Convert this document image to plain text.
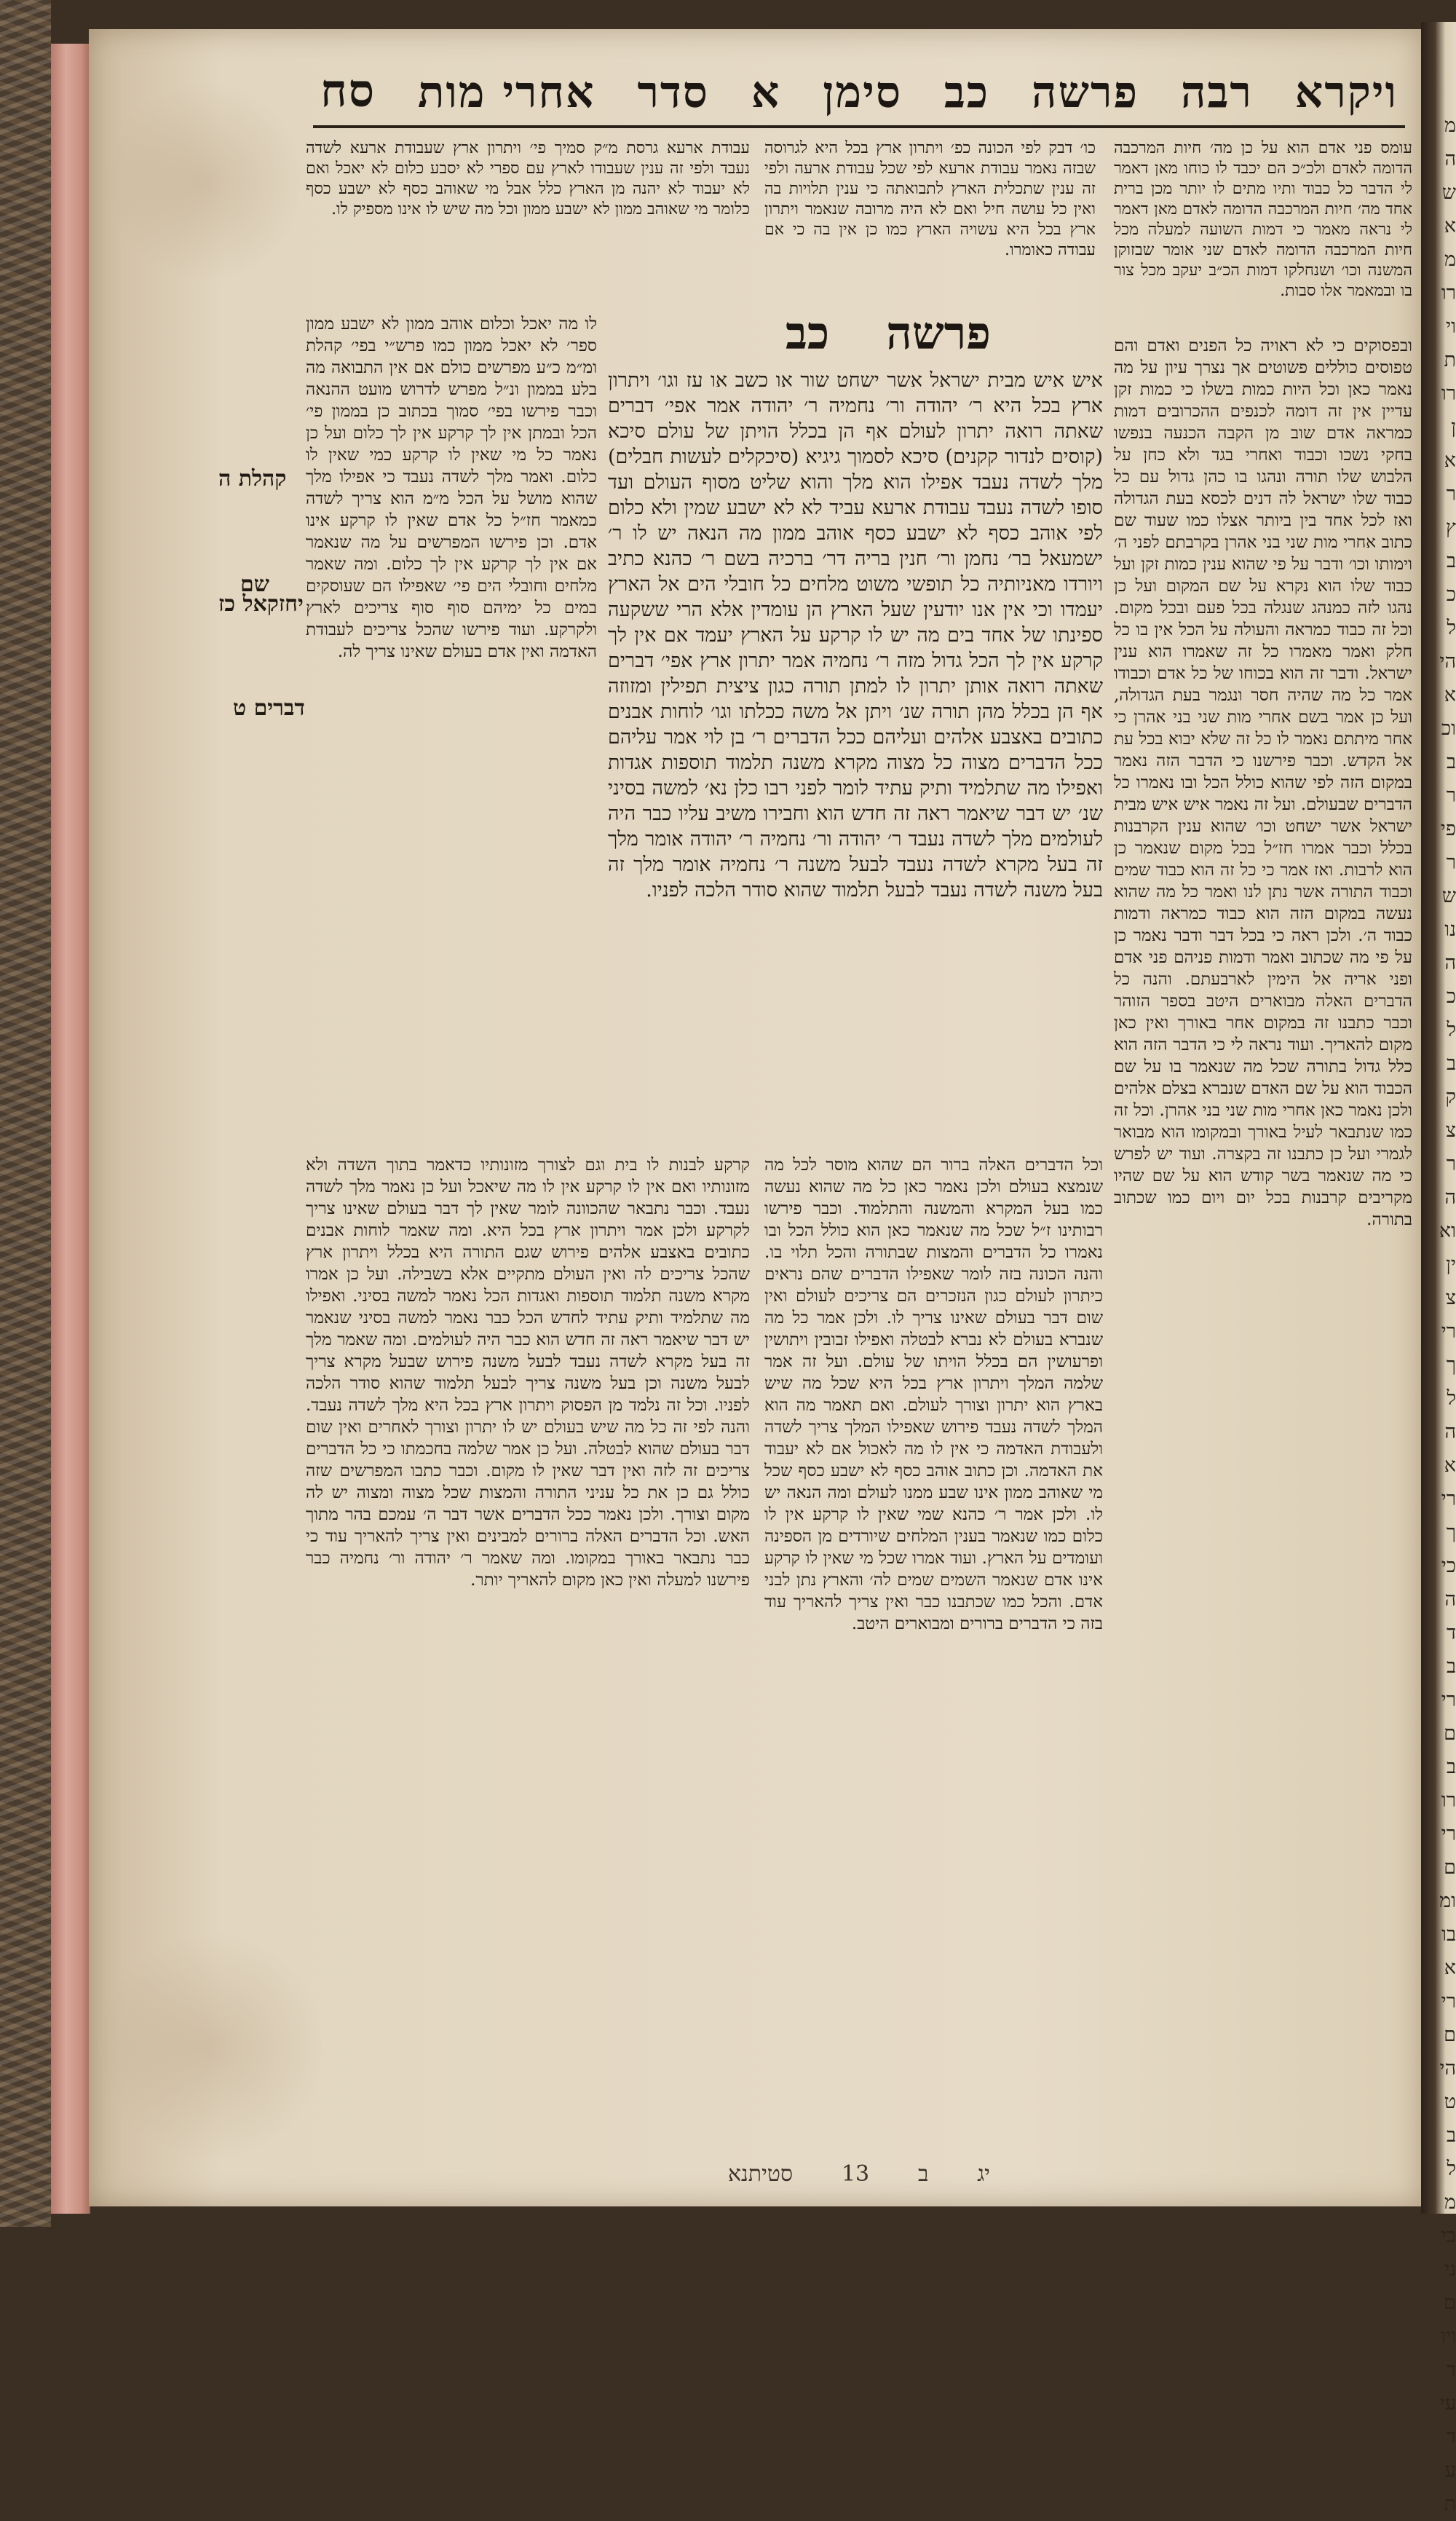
מה שאמרו ויתרון ארץ בכל היא וכבר פירשנו הכל בקצרה ואין צריך להאריך כי הדברים ברורים ומבוארים היטב למבינים ויודעי דעת
ויקרא
רבה
פרשה
כב
סימן
א
סדר
אחרי מות
סח

עומס פני אדם הוא על כן מה׳ חיות המרכבה הדומה לאדם ולכ״כ הם יכבד לו כוחו מאן דאמר לי הדבר כל כבוד ותיו מתים לו יותר מכן ברית אחד מה׳ חיות המרכבה הדומה לאדם מאן דאמר לי נראה מאמר כי דמות השועה למעלה מכל חיות המרכבה הדומה לאדם שני אומר שבזוקן המשנה וכו׳ ושנחלקו דמות הכ״ב יעקב מכל צור בו ובמאמר אלו סבות.

ובפסוקים כי לא ראויה כל הפנים ואדם והם טפוסים כוללים פשוטים אך נצרך עיון על מה נאמר כאן וכל היות כמות בשלו כי כמות זקן עדיין אין זה דומה לכנפים ההכרובים דמות כמראה אדם שוב מן הקבה הכנעה בנפשו בחקי נשכו וכבוד ואחרי בגד ולא כחן על הלבוש שלו תורה ונהגו בו כהן גדול עם כל כבוד שלו ישראל לה דנים לכסא בעת הגדולה ואז לכל אחד בין ביותר אצלו כמו שעוד שם כתוב אחרי מות שני בני אהרן בקרבתם לפני ה׳ וימותו וכו׳ ודבר על פי שהוא ענין כמות זקן ועל כבוד שלו הוא נקרא על שם המקום ועל כן נהגו לזה כמנהג שנגלה בכל פעם ובכל מקום. וכל זה כבוד כמראה והעולה על הכל אין בו כל חלק ואמר מאמרו כל זה שאמרו הוא ענין ישראל. ודבר זה הוא בכוחו של כל אדם וכבודו אמר כל מה שהיה חסר ונגמר בעת הגדולה, ועל כן אמר בשם אחרי מות שני בני אהרן כי אחר מיתתם נאמר לו כל זה שלא יבוא בכל עת אל הקדש. וכבר פירשנו כי הדבר הזה נאמר במקום הזה לפי שהוא כולל הכל ובו נאמרו כל הדברים שבעולם. ועל זה נאמר איש איש מבית ישראל אשר ישחט וכו׳ שהוא ענין הקרבנות בכלל וכבר אמרו חז״ל בכל מקום שנאמר כן הוא לרבות. ואז אמר כי כל זה הוא כבוד שמים וכבוד התורה אשר נתן לנו ואמר כל מה שהוא נעשה במקום הזה הוא כבוד כמראה ודמות כבוד ה׳. ולכן ראה כי בכל דבר ודבר נאמר כן על פי מה שכתוב ואמר ודמות פניהם פני אדם ופני אריה אל הימין לארבעתם. והנה כל הדברים האלה מבוארים היטב בספר הזוהר וכבר כתבנו זה במקום אחר באורך ואין כאן מקום להאריך. ועוד נראה לי כי הדבר הזה הוא כלל גדול בתורה שכל מה שנאמר בו על שם הכבוד הוא על שם האדם שנברא בצלם אלהים ולכן נאמר כאן אחרי מות שני בני אהרן. וכל זה כמו שנתבאר לעיל באורך ובמקומו הוא מבואר לגמרי ועל כן כתבנו זה בקצרה. ועוד יש לפרש כי מה שנאמר בשר קודש הוא על שם שהיו מקריבים קרבנות בכל יום ויום כמו שכתוב בתורה.

כו׳ דבק לפי הכונה כפ׳ ויתרון ארץ בכל היא לגרוסה שבזה נאמר עבודת ארעא לפי שכל עבודת ארעה ולפי זה ענין שתכלית הארץ לתבואתה כי ענין תלויות בה ואין כל עושה חיל ואם לא היה מרובה שנאמר ויתרון ארץ בכל היא עשויה הארץ כמו כן אין בה כי אם עבודה כאומרו.

פרשה
כב

איש איש מבית ישראל אשר ישחט שור או כשב או עז וגו׳ ויתרון ארץ בכל היא ר׳ יהודה ור׳ נחמיה ר׳ יהודה אמר אפי׳ דברים שאתה רואה יתרון לעולם אף הן בכלל הויתן של עולם סיכא (קוסים לנדור קקנים) סיכא לסמוך גיגיא (סיכקלים לעשות חבלים) מלך לשדה נעבד אפילו הוא מלך והוא שליט מסוף העולם ועד סופו לשדה נעבד עבודת ארעא עביד לא לא ישבע שמין ולא כלום לפי אוהב כסף לא ישבע כסף אוהב ממון מה הנאה יש לו ר׳ ישמעאל בר׳ נחמן ור׳ חנין בריה דר׳ ברכיה בשם ר׳ כהנא כתיב ויורדו מאניותיה כל תופשי משוט מלחים כל חובלי הים אל הארץ יעמדו וכי אין אנו יודעין שעל הארץ הן עומדין אלא הרי ששקעה ספינתו של אחד בים מה יש לו קרקע על הארץ יעמד אם אין לך קרקע אין לך הכל גדול מזה ר׳ נחמיה אמר יתרון ארץ אפי׳ דברים שאתה רואה אותן יתרון לו למתן תורה כגון ציצית תפילין ומזוזה אף הן בכלל מהן תורה שנ׳ ויתן אל משה ככלתו וגו׳ לוחות אבנים כתובים באצבע אלהים ועליהם ככל הדברים ר׳ בן לוי אמר עליהם ככל הדברים מצוה כל מצוה מקרא משנה תלמוד תוספות אגדות ואפילו מה שתלמיד ותיק עתיד לומר לפני רבו כלן נא׳ למשה בסיני שנ׳ יש דבר שיאמר ראה זה חדש הוא וחבירו משיב עליו כבר היה לעולמים מלך לשדה נעבד ר׳ יהודה ור׳ נחמיה ר׳ יהודה אומר מלך זה בעל מקרא לשדה נעבד לבעל משנה ר׳ נחמיה אומר מלך זה בעל משנה לשדה נעבד לבעל תלמוד שהוא סודר הלכה לפניו.

וכל הדברים האלה ברור הם שהוא מוסר לכל מה שנמצא בעולם ולכן נאמר כאן כל מה שהוא נעשה כמו בעל המקרא והמשנה והתלמוד. וכבר פירשו רבותינו ז״ל שכל מה שנאמר כאן הוא כולל הכל ובו נאמרו כל הדברים והמצות שבתורה והכל תלוי בו. והנה הכונה בזה לומר שאפילו הדברים שהם נראים כיתרון לעולם כגון הנזכרים הם צריכים לעולם ואין שום דבר בעולם שאינו צריך לו. ולכן אמר כל מה שנברא בעולם לא נברא לבטלה ואפילו זבובין ויתושין ופרעושין הם בכלל הויתו של עולם. ועל זה אמר שלמה המלך ויתרון ארץ בכל היא שכל מה שיש בארץ הוא יתרון וצורך לעולם. ואם תאמר מה הוא המלך לשדה נעבד פירוש שאפילו המלך צריך לשדה ולעבודת האדמה כי אין לו מה לאכול אם לא יעבוד את האדמה. וכן כתוב אוהב כסף לא ישבע כסף שכל מי שאוהב ממון אינו שבע ממנו לעולם ומה הנאה יש לו. ולכן אמר ר׳ כהנא שמי שאין לו קרקע אין לו כלום כמו שנאמר בענין המלחים שיורדים מן הספינה ועומדים על הארץ. ועוד אמרו שכל מי שאין לו קרקע אינו אדם שנאמר השמים שמים לה׳ והארץ נתן לבני אדם. והכל כמו שכתבנו כבר ואין צריך להאריך עוד בזה כי הדברים ברורים ומבוארים היטב.

עבודת ארעא גרסת מ״ק סמיך פי׳ ויתרון ארץ שעבודת ארעא לשדה נעבד ולפי זה ענין שעבודו לארץ עם ספרי לא יסבע כלום לא יאכל ואם לא יעבוד לא יהנה מן הארץ כלל אבל מי שאוהב כסף לא ישבע כסף כלומר מי שאוהב ממון לא ישבע ממון וכל מה שיש לו אינו מספיק לו.

לו מה יאכל וכלום אוהב ממון לא ישבע ממון ספר׳ לא יאכל ממון כמו פרש״י בפי׳ קהלת ומ״מ כ״ע מפרשים כולם אם אין התבואה מה בלע בממון ונ״ל מפרש לדרוש מועט ההנאה וכבר פירשו בפי׳ סמוך בכתוב כן בממון פי׳ הכל ובמתן אין לך קרקע אין לך כלום ועל כן נאמר כל מי שאין לו קרקע כמי שאין לו כלום. ואמר מלך לשדה נעבד כי אפילו מלך שהוא מושל על הכל מ״מ הוא צריך לשדה כמאמר חז״ל כל אדם שאין לו קרקע אינו אדם. וכן פירשו המפרשים על מה שנאמר אם אין לך קרקע אין לך כלום. ומה שאמר מלחים וחובלי הים פי׳ שאפילו הם שעוסקים במים כל ימיהם סוף סוף צריכים לארץ ולקרקע. ועוד פירשו שהכל צריכים לעבודת האדמה ואין אדם בעולם שאינו צריך לה.

קרקע לבנות לו בית וגם לצורך מזונותיו כדאמר בתוך השדה ולא מזונותיו ואם אין לו קרקע אין לו מה שיאכל ועל כן נאמר מלך לשדה נעבד. וכבר נתבאר שהכוונה לומר שאין לך דבר בעולם שאינו צריך לקרקע ולכן אמר ויתרון ארץ בכל היא. ומה שאמר לוחות אבנים כתובים באצבע אלהים פירוש שגם התורה היא בכלל ויתרון ארץ שהכל צריכים לה ואין העולם מתקיים אלא בשבילה. ועל כן אמרו מקרא משנה תלמוד תוספות ואגדות הכל נאמר למשה בסיני. ואפילו מה שתלמיד ותיק עתיד לחדש הכל כבר נאמר למשה בסיני שנאמר יש דבר שיאמר ראה זה חדש הוא כבר היה לעולמים. ומה שאמר מלך זה בעל מקרא לשדה נעבד לבעל משנה פירוש שבעל מקרא צריך לבעל משנה וכן בעל משנה צריך לבעל תלמוד שהוא סודר הלכה לפניו. וכל זה נלמד מן הפסוק ויתרון ארץ בכל היא מלך לשדה נעבד. והנה לפי זה כל מה שיש בעולם יש לו יתרון וצורך לאחרים ואין שום דבר בעולם שהוא לבטלה. ועל כן אמר שלמה בחכמתו כי כל הדברים צריכים זה לזה ואין דבר שאין לו מקום. וכבר כתבו המפרשים שזה כולל גם כן את כל עניני התורה והמצות שכל מצוה ומצוה יש לה מקום וצורך. ולכן נאמר ככל הדברים אשר דבר ה׳ עמכם בהר מתוך האש. וכל הדברים האלה ברורים למבינים ואין צריך להאריך עוד כי כבר נתבאר באורך במקומו. ומה שאמר ר׳ יהודה ור׳ נחמיה כבר פירשנו למעלה ואין כאן מקום להאריך יותר.

קהלת ה
שם
יחזקאל כז
דברים ט
יג
ב
13
סטיתנא
